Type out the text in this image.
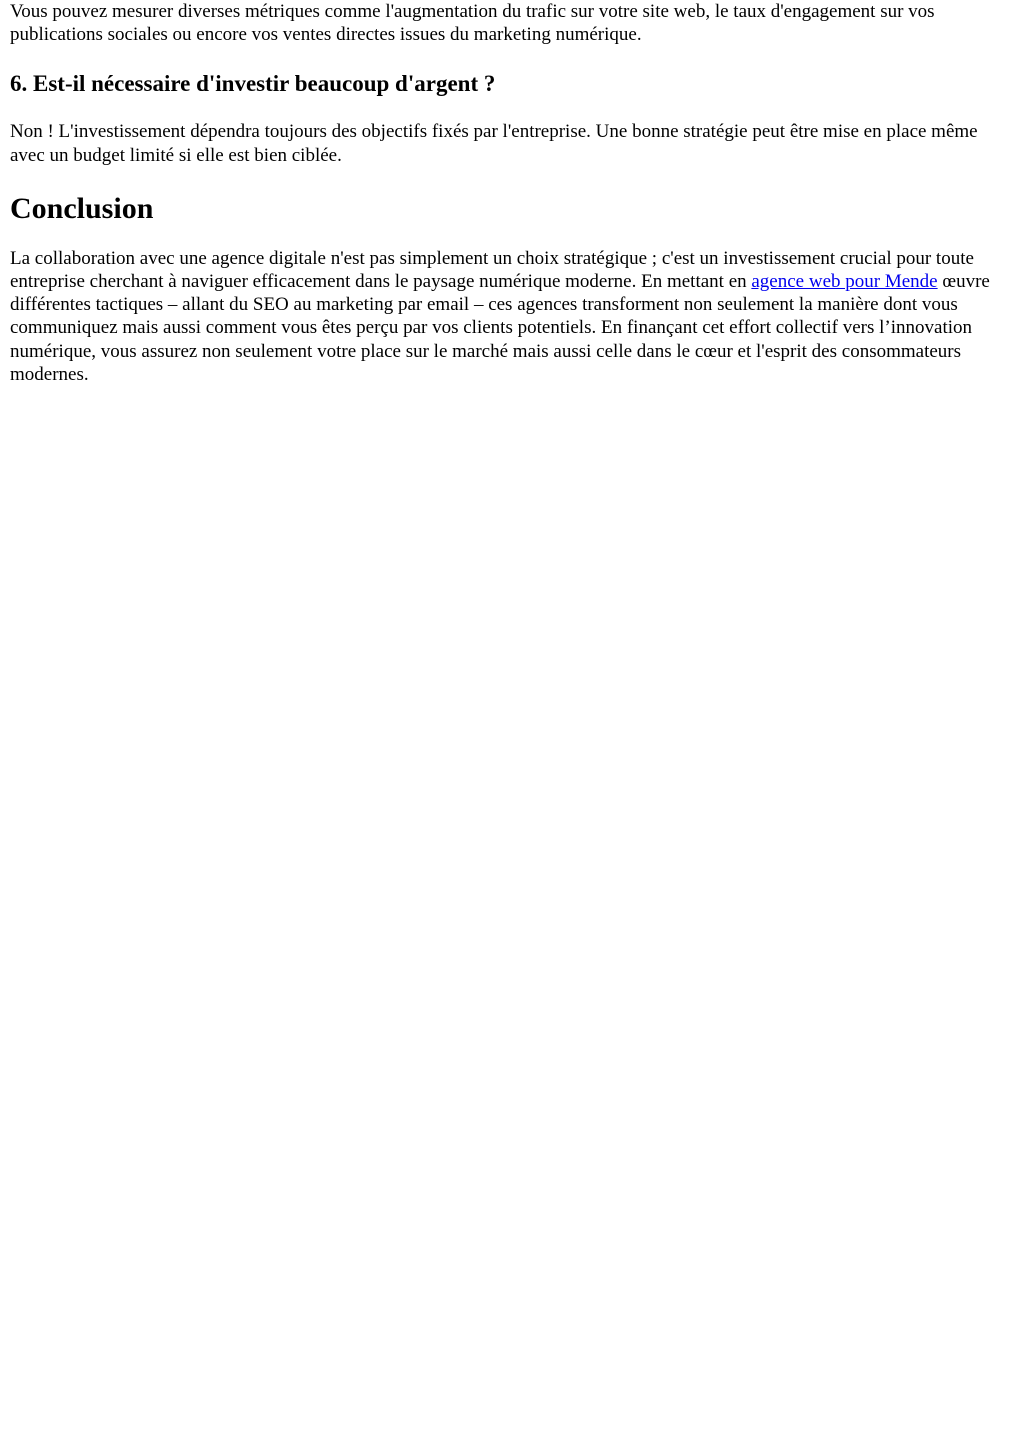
Vous pouvez mesurer diverses métriques comme l'augmentation du trafic sur votre site web, le taux d'engagement sur vos publications sociales ou encore vos ventes directes issues du marketing numérique.

6. Est-il nécessaire d'investir beaucoup d'argent ?

Non ! L'investissement dépendra toujours des objectifs fixés par l'entreprise. Une bonne stratégie peut être mise en place même avec un budget limité si elle est bien ciblée.

Conclusion

La collaboration avec une agence digitale n'est pas simplement un choix stratégique ; c'est un investissement crucial pour toute entreprise cherchant à naviguer efficacement dans le paysage numérique moderne. En mettant en agence web pour Mende œuvre différentes tactiques – allant du SEO au marketing par email – ces agences transforment non seulement la manière dont vous communiquez mais aussi comment vous êtes perçu par vos clients potentiels. En finançant cet effort collectif vers l’innovation numérique, vous assurez non seulement votre place sur le marché mais aussi celle dans le cœur et l'esprit des consommateurs modernes.
